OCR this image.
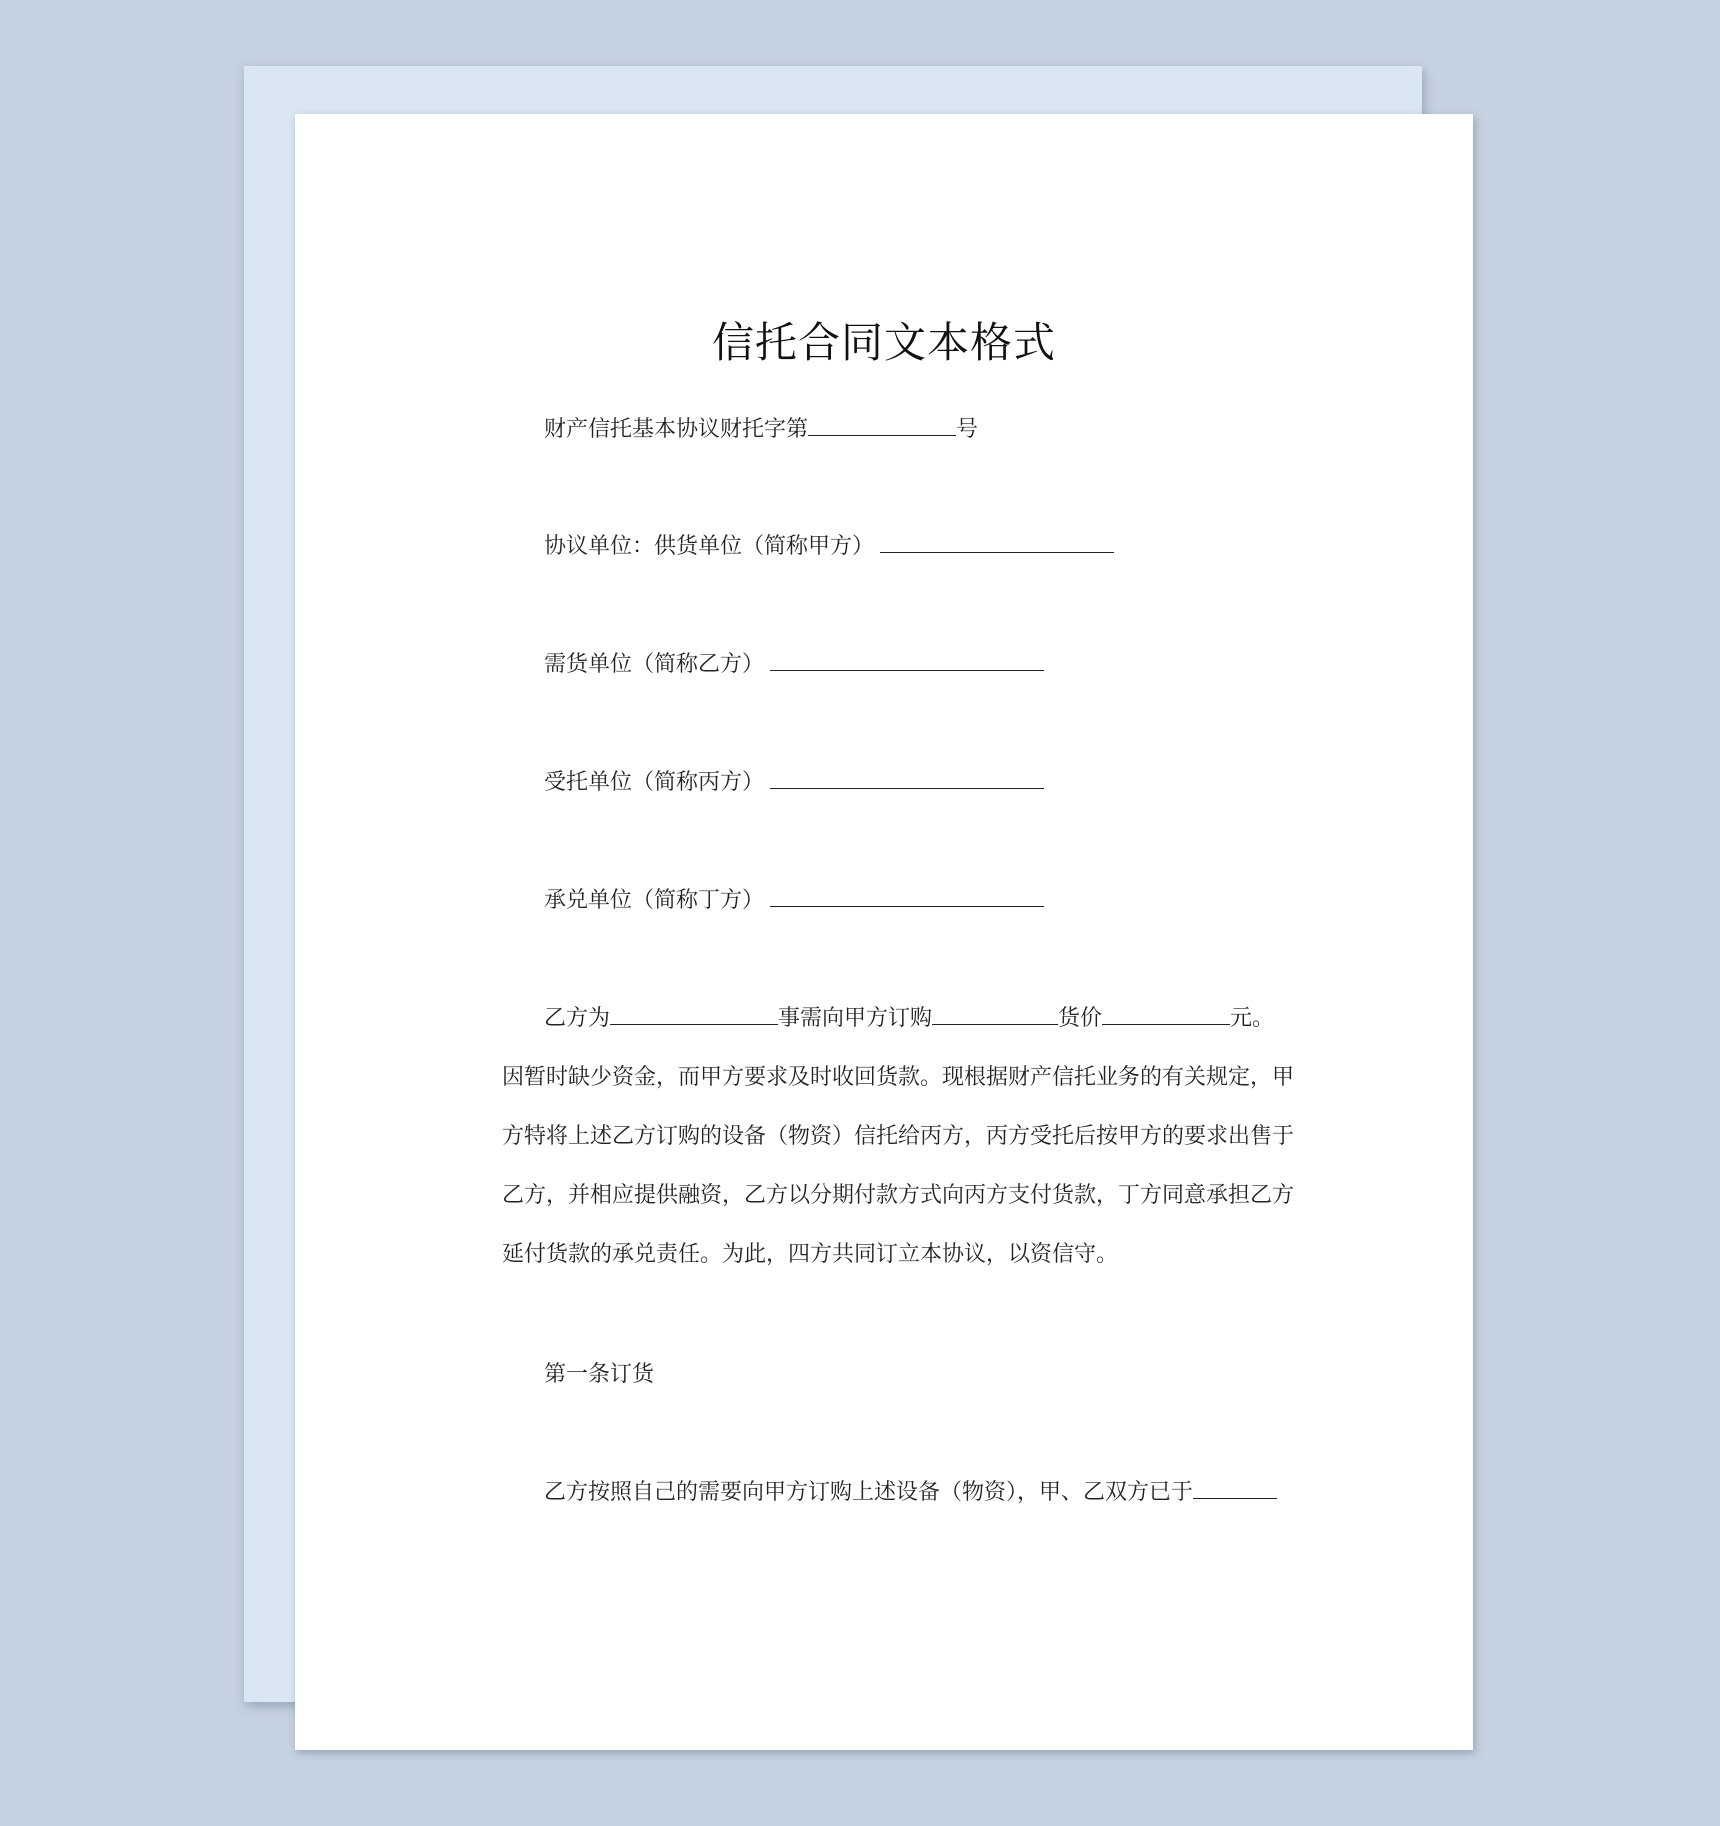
信托合同文本格式
财产信托基本协议财托字第	号
协议单位：供货单位（简称甲方）
需货单位（简称乙方）
受托单位（简称丙方）
承兑单位（简称丁方）
乙方为	事需向甲方订购	货价	元。
因暂时缺少资金，而甲方要求及时收回货款。现根据财产信托业务的有关规定，甲
方特将上述乙方订购的设备（物资）信托给丙方，丙方受托后按甲方的要求出售于
乙方，并相应提供融资，乙方以分期付款方式向丙方支付货款，丁方同意承担乙方
延付货款的承兑责任。为此，四方共同订立本协议，以资信守。
第一条订货
乙方按照自己的需要向甲方订购上述设备（物资），甲、乙双方已于
